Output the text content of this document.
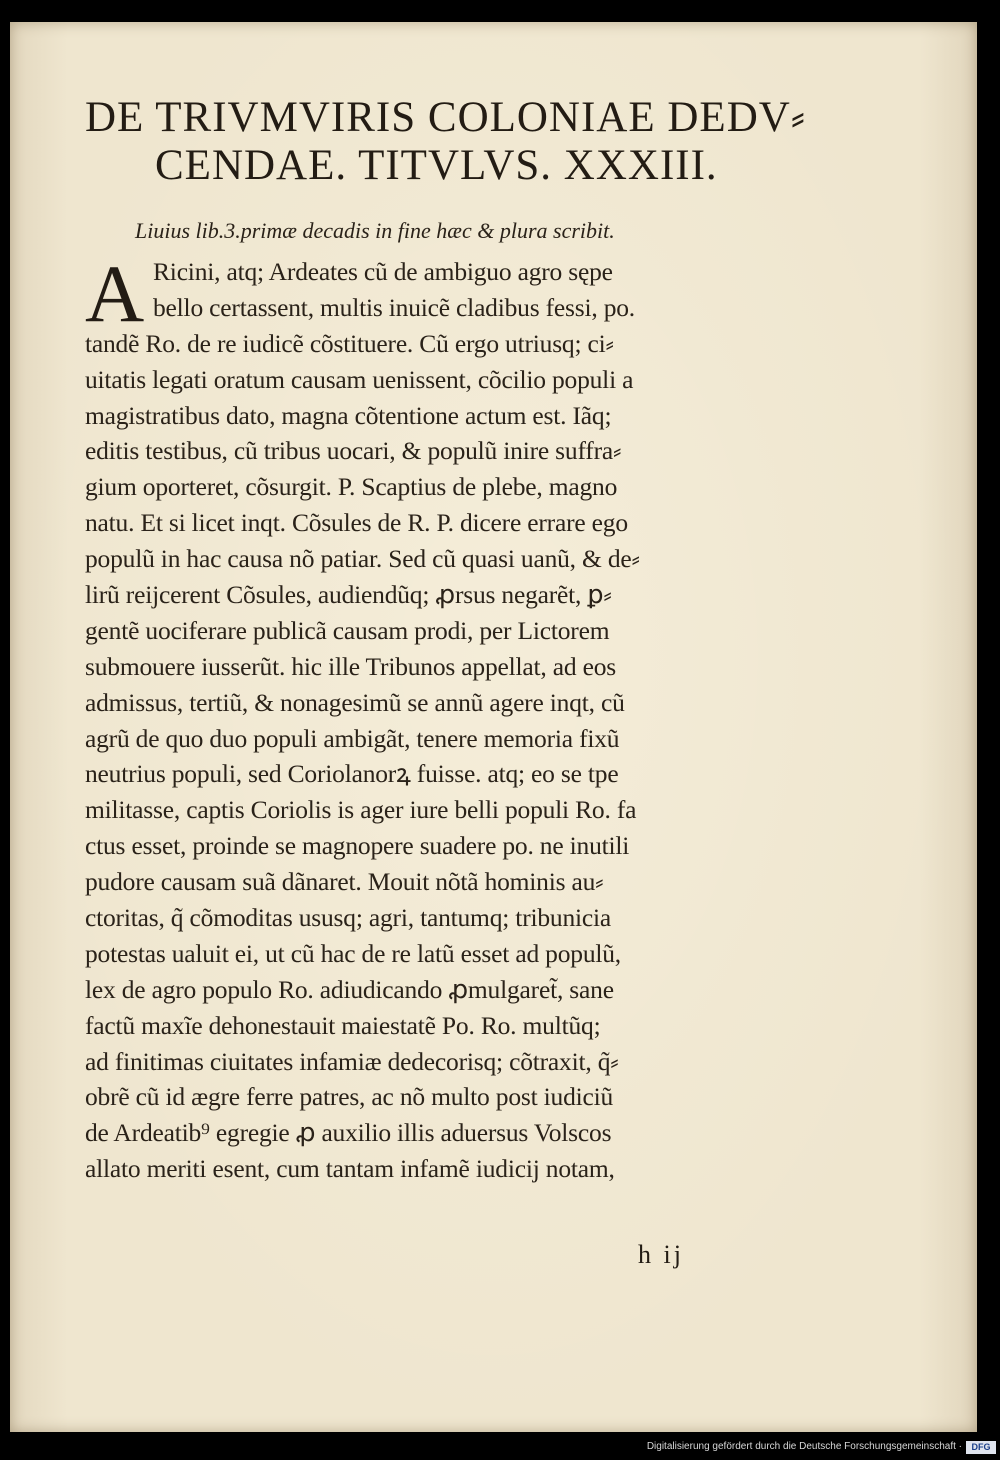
DE TRIVMVIRIS COLONIAE DEDV⸗
CENDAE. TITVLVS. XXXIII.
Liuius lib.3.primæ decadis in fine hæc & plura scribit.
A Ricini, atq; Ardeates cũ de ambiguo agro sępe
bello certassent, multis inuicẽ cladibus fessi, po.
tandẽ Ro. de re iudicẽ cõstituere. Cũ ergo utriusq; ci⸗
uitatis legati oratum causam uenissent, cõcilio populi a
magistratibus dato, magna cõtentione actum est. Iãq;
editis testibus, cũ tribus uocari, & populũ inire suffra⸗
gium oporteret, cõsurgit. P. Scaptius de plebe, magno
natu. Et si licet inqt. Cõsules de R. P. dicere errare ego
populũ in hac causa nõ patiar. Sed cũ quasi uanũ, & de⸗
lirũ reijcerent Cõsules, audiendũq; ꝓrsus negarẽt, ꝑ⸗
gentẽ uociferare publicã causam prodi, per Lictorem
submouere iusserũt. hic ille Tribunos appellat, ad eos
admissus, tertiũ, & nonagesimũ se annũ agere inqt, cũ
agrũ de quo duo populi ambigãt, tenere memoria fixũ
neutrius populi, sed Coriolanorꝝ fuisse. atq; eo se tpe
militasse, captis Coriolis is ager iure belli populi Ro. fa
ctus esset, proinde se magnopere suadere po. ne inutili
pudore causam suã dãnaret. Mouit nõtã hominis au⸗
ctoritas, q̃ cõmoditas ususq; agri, tantumq; tribunicia
potestas ualuit ei, ut cũ hac de re latũ esset ad populũ,
lex de agro populo Ro. adiudicando ꝓmulgaret̃, sane
factũ maxĩe dehonestauit maiestatẽ Po. Ro. multũq;
ad finitimas ciuitates infamiæ dedecorisq; cõtraxit, q̃⸗
obrẽ cũ id ægre ferre patres, ac nõ multo post iudiciũ
de Ardeatib⁹ egregie ꝓ auxilio illis aduersus Volscos
allato meriti esent, cum tantam infamẽ iudicij notam,
h ij
Digitalisierung gefördert durch die Deutsche Forschungsgemeinschaft ·	DFG
